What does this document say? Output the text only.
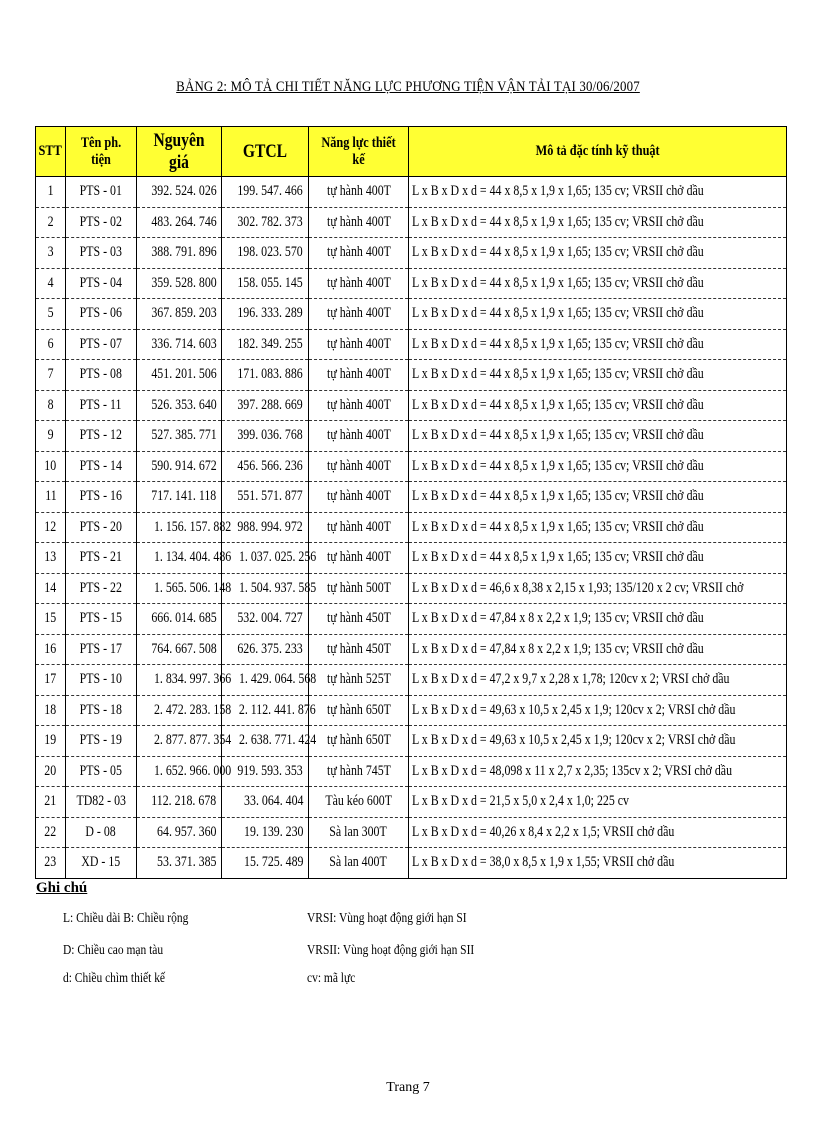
BẢNG 2: MÔ TẢ CHI TIẾT NĂNG LỰC PHƯƠNG TIỆN VẬN TẢI TẠI 30/06/2007
STT	Tên ph. tiện	Nguyên giá	GTCL	Năng lực thiết kế	Mô tả đặc tính kỹ thuật
1	PTS - 01	392. 524. 026	199. 547. 466	tự hành 400T	L x B x D x d = 44 x 8,5 x 1,9 x 1,65; 135 cv; VRSII chở dầu
2	PTS - 02	483. 264. 746	302. 782. 373	tự hành 400T	L x B x D x d = 44 x 8,5 x 1,9 x 1,65; 135 cv; VRSII chở dầu
3	PTS - 03	388. 791. 896	198. 023. 570	tự hành 400T	L x B x D x d = 44 x 8,5 x 1,9 x 1,65; 135 cv; VRSII chở dầu
4	PTS - 04	359. 528. 800	158. 055. 145	tự hành 400T	L x B x D x d = 44 x 8,5 x 1,9 x 1,65; 135 cv; VRSII chở dầu
5	PTS - 06	367. 859. 203	196. 333. 289	tự hành 400T	L x B x D x d = 44 x 8,5 x 1,9 x 1,65; 135 cv; VRSII chở dầu
6	PTS - 07	336. 714. 603	182. 349. 255	tự hành 400T	L x B x D x d = 44 x 8,5 x 1,9 x 1,65; 135 cv; VRSII chở dầu
7	PTS - 08	451. 201. 506	171. 083. 886	tự hành 400T	L x B x D x d = 44 x 8,5 x 1,9 x 1,65; 135 cv; VRSII chở dầu
8	PTS - 11	526. 353. 640	397. 288. 669	tự hành 400T	L x B x D x d = 44 x 8,5 x 1,9 x 1,65; 135 cv; VRSII chở dầu
9	PTS - 12	527. 385. 771	399. 036. 768	tự hành 400T	L x B x D x d = 44 x 8,5 x 1,9 x 1,65; 135 cv; VRSII chở dầu
10	PTS - 14	590. 914. 672	456. 566. 236	tự hành 400T	L x B x D x d = 44 x 8,5 x 1,9 x 1,65; 135 cv; VRSII chở dầu
11	PTS - 16	717. 141. 118	551. 571. 877	tự hành 400T	L x B x D x d = 44 x 8,5 x 1,9 x 1,65; 135 cv; VRSII chở dầu
12	PTS - 20	1. 156. 157. 882	988. 994. 972	tự hành 400T	L x B x D x d = 44 x 8,5 x 1,9 x 1,65; 135 cv; VRSII chở dầu
13	PTS - 21	1. 134. 404. 486	1. 037. 025. 256	tự hành 400T	L x B x D x d = 44 x 8,5 x 1,9 x 1,65; 135 cv; VRSII chở dầu
14	PTS - 22	1. 565. 506. 148	1. 504. 937. 585	tự hành 500T	L x B x D x d = 46,6 x 8,38 x 2,15 x 1,93; 135/120 x 2 cv; VRSII chở
15	PTS - 15	666. 014. 685	532. 004. 727	tự hành 450T	L x B x D x d = 47,84 x 8 x 2,2 x 1,9; 135 cv; VRSII chở dầu
16	PTS - 17	764. 667. 508	626. 375. 233	tự hành 450T	L x B x D x d = 47,84 x 8 x 2,2 x 1,9; 135 cv; VRSII chở dầu
17	PTS - 10	1. 834. 997. 366	1. 429. 064. 568	tự hành 525T	L x B x D x d = 47,2 x 9,7 x 2,28 x 1,78; 120cv x 2; VRSI chở dầu
18	PTS - 18	2. 472. 283. 158	2. 112. 441. 876	tự hành 650T	L x B x D x d = 49,63 x 10,5 x 2,45 x 1,9; 120cv x 2; VRSI chở dầu
19	PTS - 19	2. 877. 877. 354	2. 638. 771. 424	tự hành 650T	L x B x D x d = 49,63 x 10,5 x 2,45 x 1,9; 120cv x 2; VRSI chở dầu
20	PTS - 05	1. 652. 966. 000	919. 593. 353	tự hành 745T	L x B x D x d = 48,098 x 11 x 2,7 x 2,35; 135cv x 2; VRSI chở dầu
21	TD82 - 03	112. 218. 678	33. 064. 404	Tàu kéo 600T	L x B x D x d = 21,5 x 5,0 x 2,4 x 1,0; 225 cv
22	D - 08	64. 957. 360	19. 139. 230	Sà lan 300T	L x B x D x d = 40,26 x 8,4 x 2,2 x 1,5; VRSII chở dầu
23	XD - 15	53. 371. 385	15. 725. 489	Sà lan 400T	L x B x D x d = 38,0 x 8,5 x 1,9 x 1,55; VRSII chở dầu
Ghi chú
L: Chiều dài B: Chiều rộng
D: Chiều cao mạn tàu
d: Chiều chìm thiết kế
VRSI: Vùng hoạt động giới hạn SI
VRSII: Vùng hoạt động giới hạn SII
cv: mã lực
Trang 7
